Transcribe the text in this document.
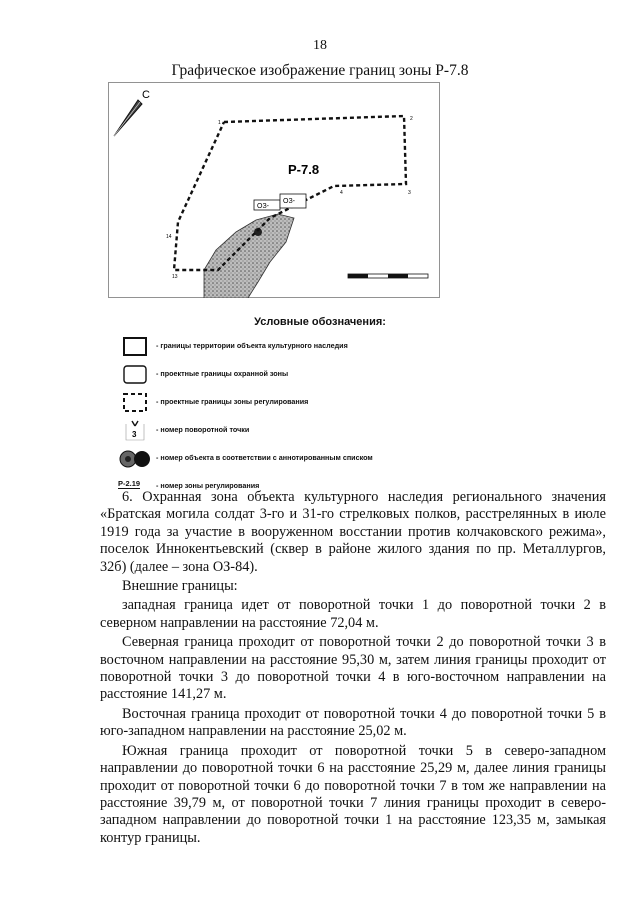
18
Графическое изображение границ зоны Р-7.8
С
ОЗ-
ОЗ-
Р-7.8
1
2
3
4
13
14
Условные обозначения:
- границы территории объекта культурного наследия
- проектные границы охранной зоны
- проектные границы зоны регулирования
3
- номер поворотной точки
- номер объекта в соответствии с аннотированным списком
Р-2.19 - номер зоны регулирования

6. Охранная зона объекта культурного наследия регионального значения «Братская могила солдат 3-го и 31-го стрелковых полков, расстрелянных в июле 1919 года за участие в вооруженном восстании против колчаковского режима», поселок Иннокентьевский (сквер в районе жилого здания по пр. Металлургов, 32б) (далее – зона ОЗ-84).

Внешние границы:

западная граница идет от поворотной точки 1 до поворотной точки 2 в северном направлении на расстояние 72,04 м.

Северная граница проходит от поворотной точки 2 до поворотной точки 3 в восточном направлении на расстояние 95,30 м, затем линия границы проходит от поворотной точки 3 до поворотной точки 4 в юго-восточном направлении на расстояние 141,27 м.

Восточная граница проходит от поворотной точки 4 до поворотной точки 5 в юго-западном направлении на расстояние 25,02 м.

Южная граница проходит от поворотной точки 5 в северо-западном направлении до поворотной точки 6 на расстояние 25,29 м, далее линия границы проходит от поворотной точки 6 до поворотной точки 7 в том же направлении на расстояние 39,79 м, от поворотной точки 7 линия границы проходит в северо-западном направлении до поворотной точки 1 на расстояние 123,35 м, замыкая контур границы.
